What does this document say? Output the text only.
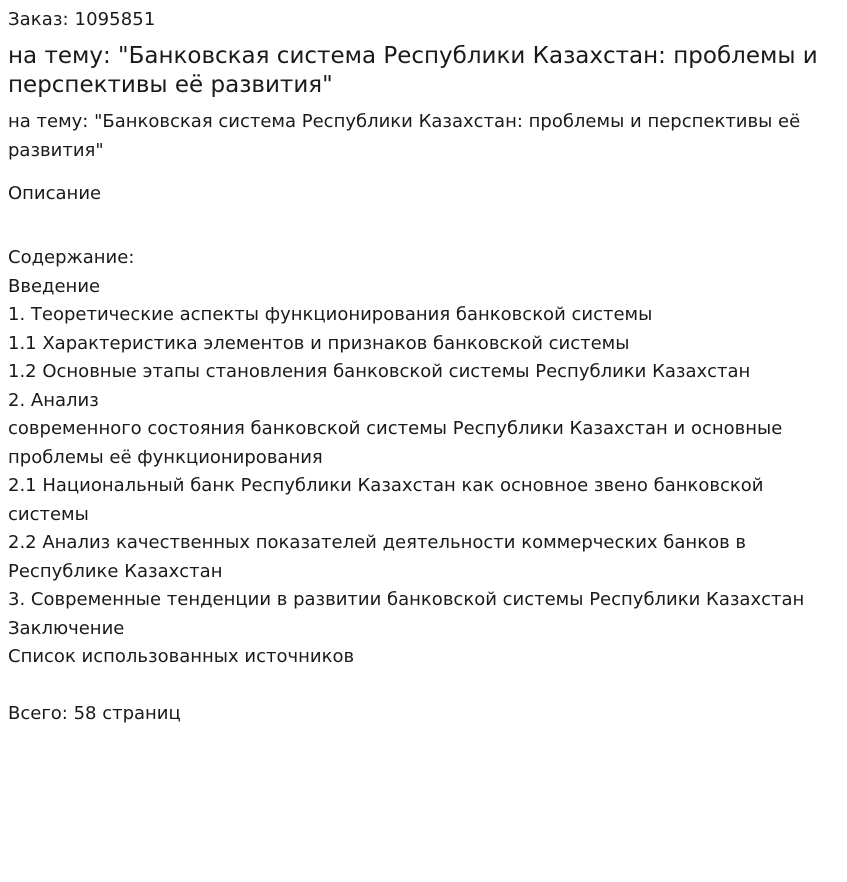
Заказ: 1095851

на тему: "Банковская система Республики Казахстан: проблемы и перспективы её развития"

на тему: "Банковская система Республики Казахстан: проблемы и перспективы её развития"

Описание

Содержание:

Введение

1. Теоретические аспекты функционирования банковской системы

1.1 Характеристика элементов и признаков банковской системы

1.2 Основные этапы становления банковской системы Республики Казахстан

2. Анализ

современного состояния банковской системы Республики Казахстан и основные проблемы её функционирования

2.1 Национальный банк Республики Казахстан как основное звено банковской системы

2.2 Анализ качественных показателей деятельности коммерческих банков в Республике Казахстан

3. Современные тенденции в развитии банковской системы Республики Казахстан

Заключение

Список использованных источников

Всего: 58 страниц
